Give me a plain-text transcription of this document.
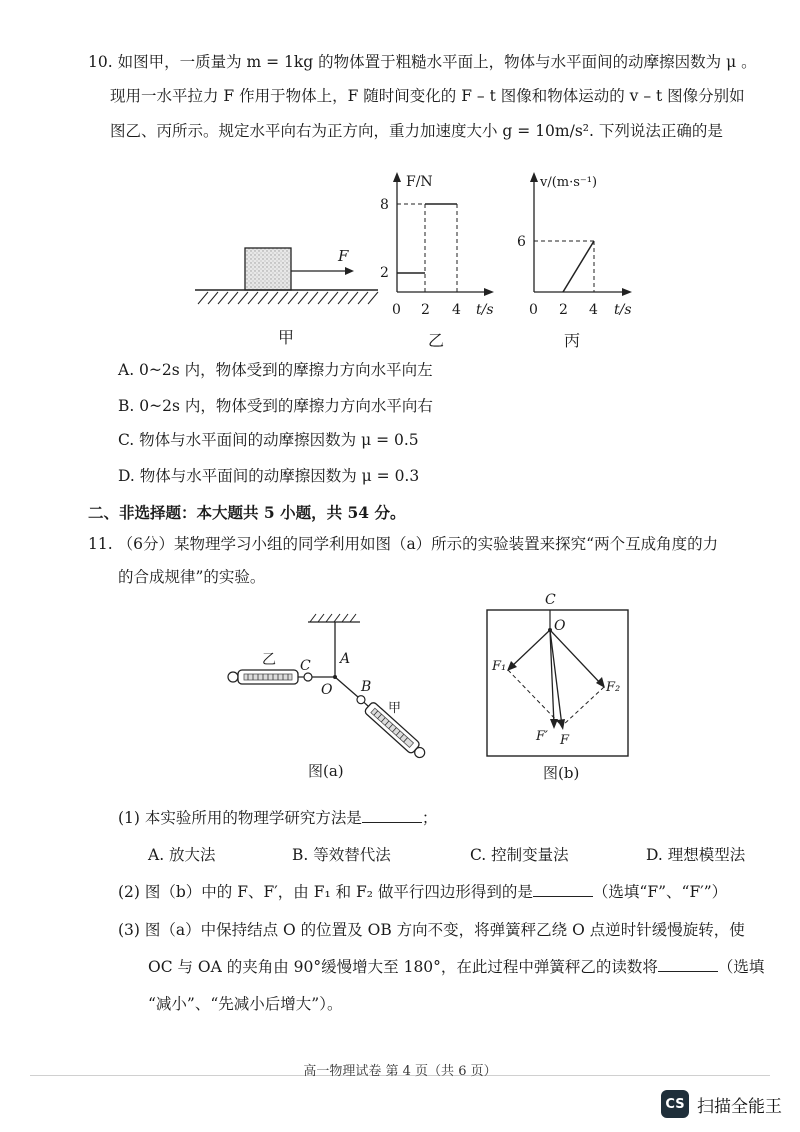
10. 如图甲，一质量为 m = 1kg 的物体置于粗糙水平面上，物体与水平面间的动摩擦因数为 μ 。
现用一水平拉力 F 作用于物体上，F 随时间变化的 F – t 图像和物体运动的 v – t 图像分别如
图乙、丙所示。规定水平向右为正方向，重力加速度大小 g = 10m/s². 下列说法正确的是
F
甲
F/N
t/s
8
2
0 2 4
乙
v/(m·s⁻¹)
t/s
6
0 2 4
丙
A. 0~2s 内，物体受到的摩擦力方向水平向左
B. 0~2s 内，物体受到的摩擦力方向水平向右
C. 物体与水平面间的动摩擦因数为 μ = 0.5
D. 物体与水平面间的动摩擦因数为 μ = 0.3
二、非选择题：本大题共 5 小题，共 54 分。
11. （6分）某物理学习小组的同学利用如图（a）所示的实验装置来探究“两个互成角度的力
的合成规律”的实验。
乙 C A
O B
甲
图(a)
C
O
F₁
F₂
F′ F
图(b)
(1) 本实验所用的物理学研究方法是	；
A. 放大法	B. 等效替代法	C. 控制变量法	D. 理想模型法
(2) 图（b）中的 F、F′，由 F₁ 和 F₂ 做平行四边形得到的是	（选填“F”、“F′”）
(3) 图（a）中保持结点 O 的位置及 OB 方向不变，将弹簧秤乙绕 O 点逆时针缓慢旋转，使
OC 与 OA 的夹角由 90°缓慢增大至 180°，在此过程中弹簧秤乙的读数将	（选填
“减小”、“先减小后增大”）。
高一物理试卷 第 4 页（共 6 页）
CS 扫描全能王
